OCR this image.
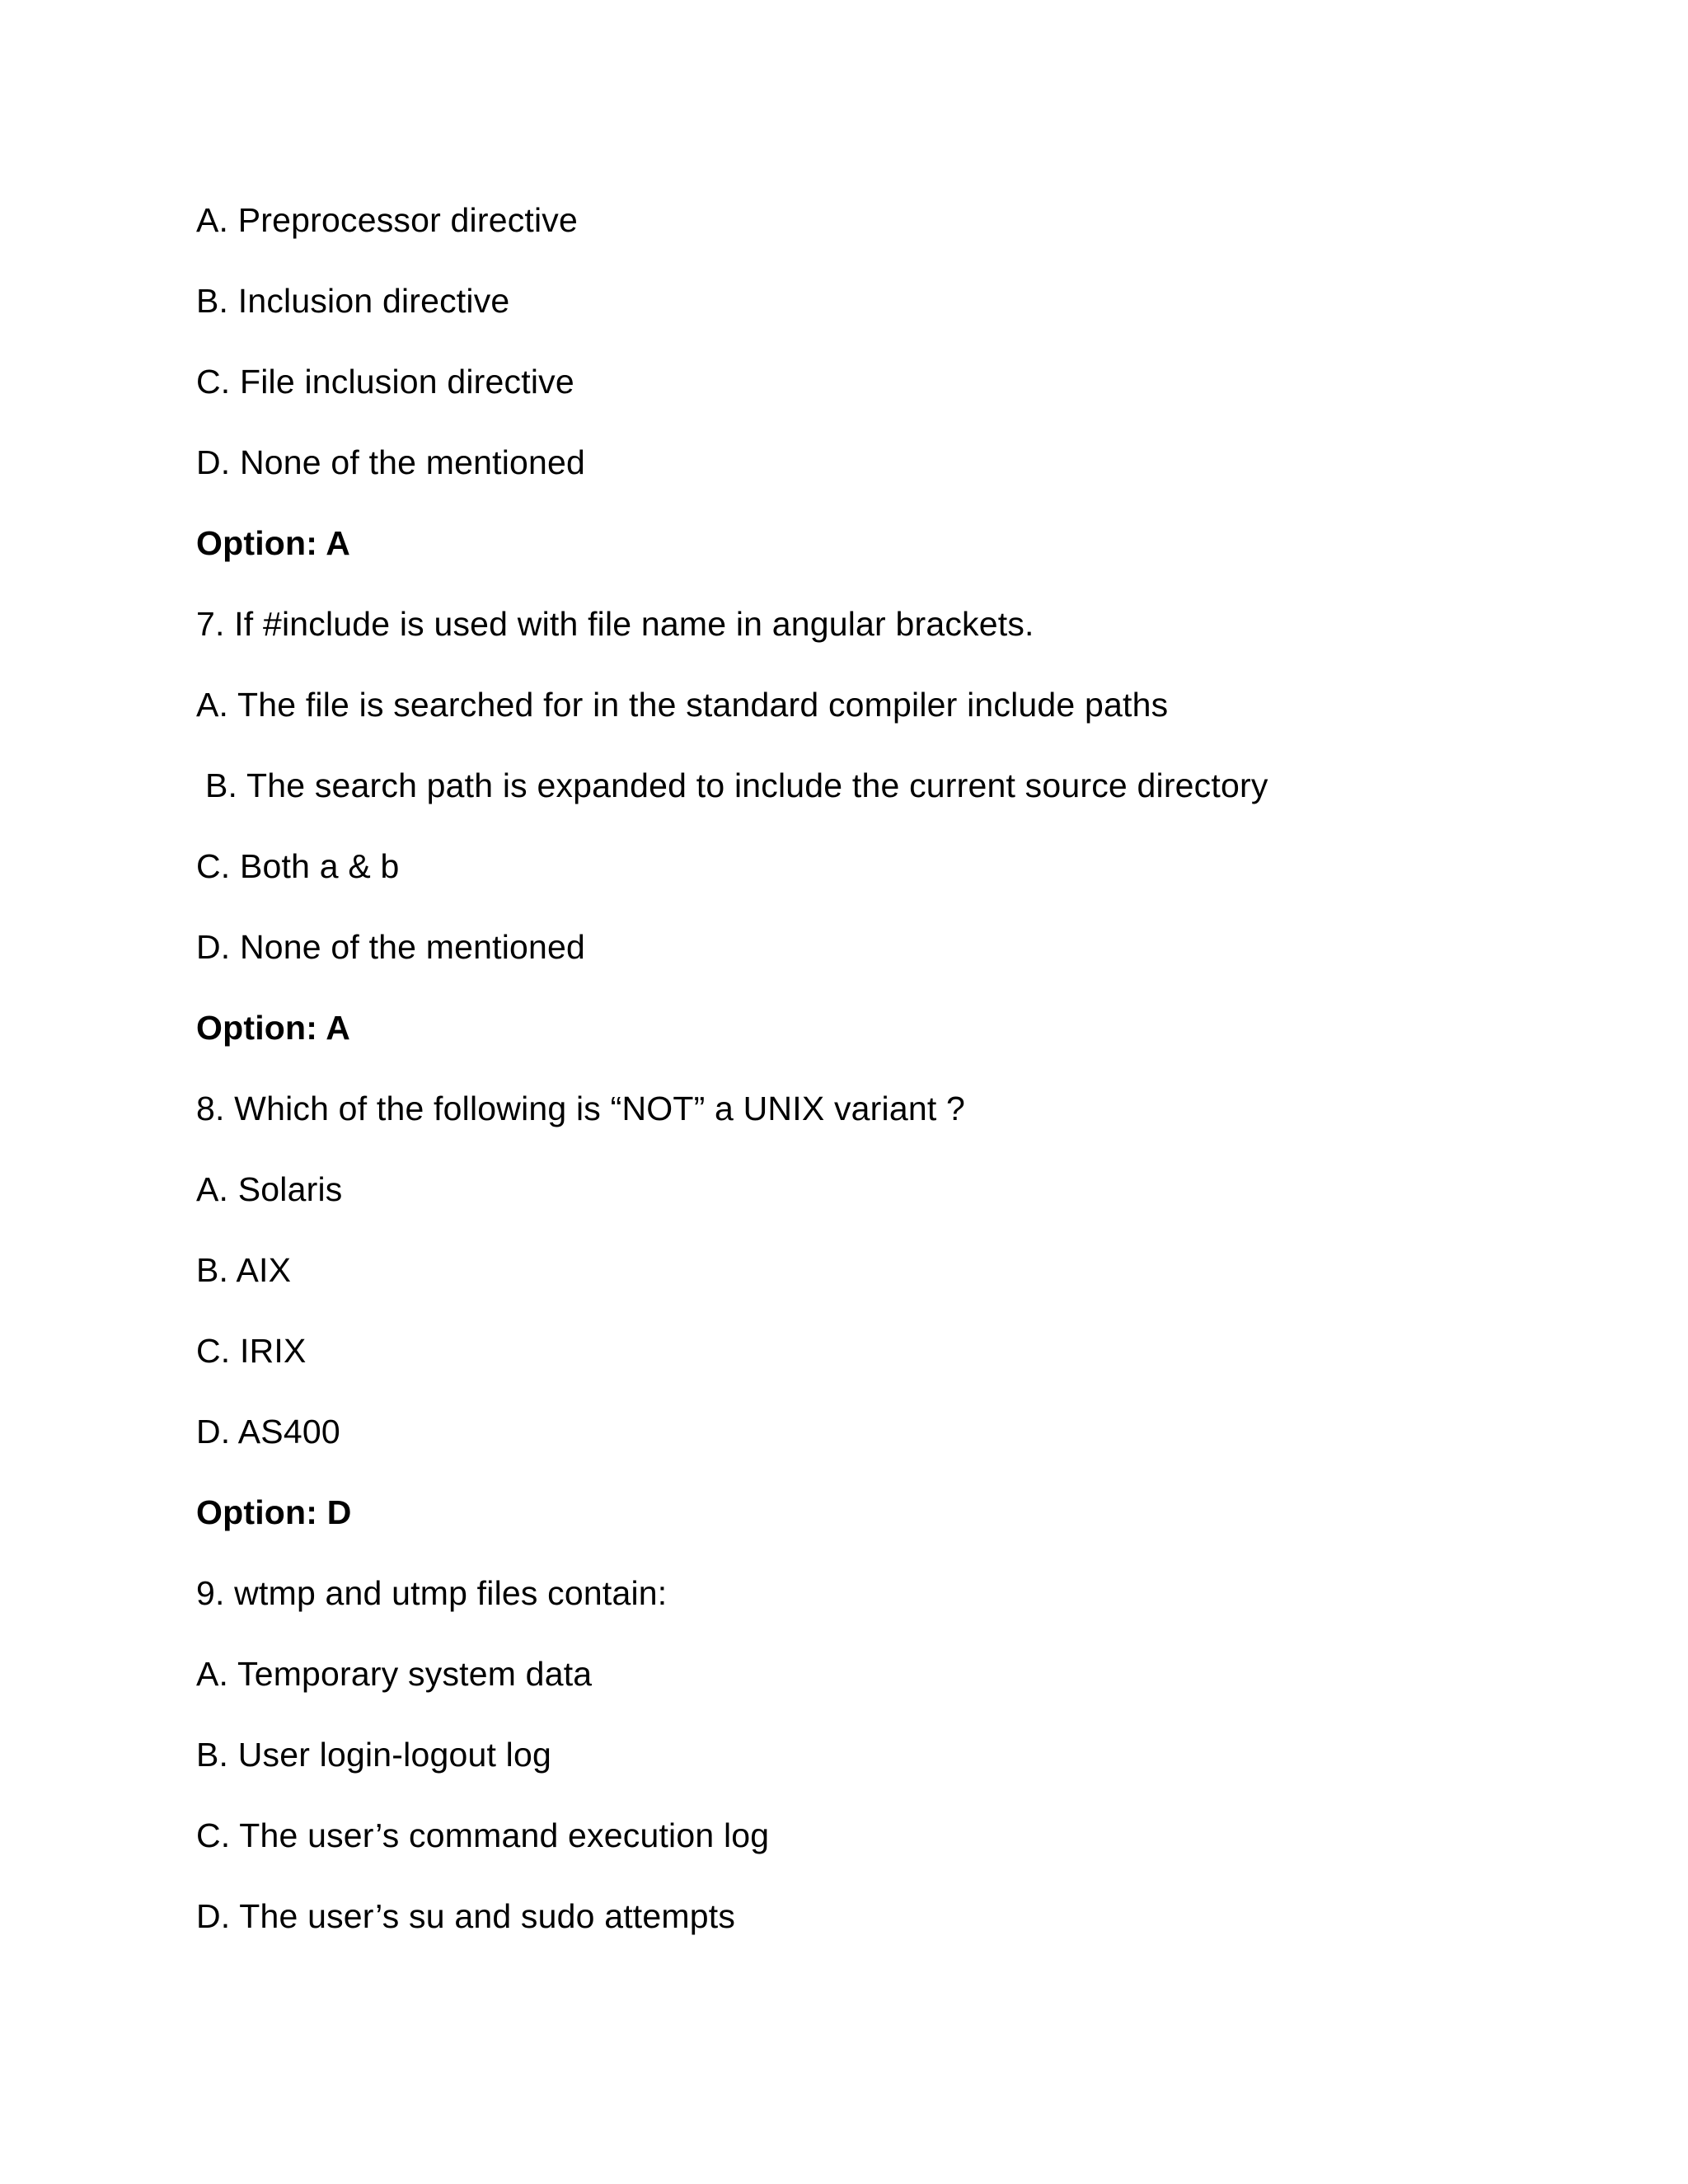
A. Preprocessor directive
B. Inclusion directive
C. File inclusion directive
D. None of the mentioned
Option: A
7. If #include is used with file name in angular brackets.
A. The file is searched for in the standard compiler include paths
B. The search path is expanded to include the current source directory
C. Both a & b
D. None of the mentioned
Option: A
8. Which of the following is “NOT” a UNIX variant ?
A. Solaris
B. AIX
C. IRIX
D. AS400
Option: D
9. wtmp and utmp files contain:
A. Temporary system data
B. User login-logout log
C. The user’s command execution log
D. The user’s su and sudo attempts
